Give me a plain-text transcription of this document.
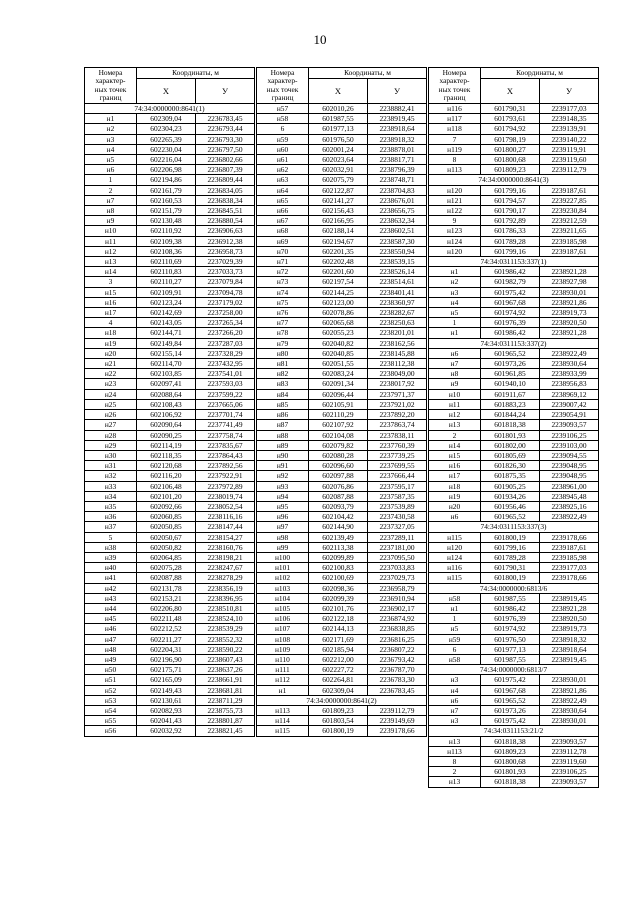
10
Номера
характер-
ных точек
границ	Координаты, м	
	X	У
74:34:0000000:8641(1)		
н1	602309,04	2236783,45
н2	602304,23	2236793,44
н3	602265,39	2236793,30
н4	602230,04	2236797,50
н5	602216,04	2236802,66
н6	602206,98	2236807,39
1	602194,86	2236809,44
2	602161,79	2236834,05
н7	602160,53	2236838,34
н8	602151,79	2236845,51
н9	602130,48	2236880,54
н10	602110,92	2236906,63
н11	602109,38	2236912,38
н12	602108,36	2236958,73
н13	602110,69	2237029,39
н14	602110,83	2237033,73
3	602110,27	2237079,84
н15	602109,91	2237094,78
н16	602123,24	2237179,02
н17	602142,69	2237258,00
4	602143,05	2237265,34
н18	602144,71	2237266,20
н19	602149,84	2237287,03
н20	602155,14	2237328,29
н21	602114,70	2237432,95
н22	602103,85	2237541,01
н23	602097,41	2237593,03
н24	602088,64	2237599,22
н25	602108,43	2237665,06
н26	602106,92	2237701,74
н27	602090,64	2237741,49
н28	602090,25	2237758,74
н29	602114,19	2237835,67
н30	602118,35	2237864,43
н31	602120,68	2237892,56
н32	602116,20	2237922,91
н33	602106,48	2237972,89
н34	602101,20	2238019,74
н35	602092,66	2238052,54
н36	602060,85	2238116,16
н37	602050,85	2238147,44
5	602050,67	2238154,27
н38	602050,82	2238160,76
н39	602064,85	2238198,21
н40	602075,28	2238247,67
н41	602087,88	2238278,29
н42	602131,78	2238356,19
н43	602153,21	2238396,95
н44	602206,80	2238510,81
н45	602211,48	2238524,10
н46	602212,52	2238539,29
н47	602211,27	2238552,32
н48	602204,31	2238590,22
н49	602196,90	2238607,43
н50	602175,71	2238637,26
н51	602165,09	2238661,91
н52	602149,43	2238681,81
н53	602130,61	2238711,29
н54	602082,93	2238755,73
н55	602041,43	2238801,87
н56	602032,92	2238821,45
Номера
характер-
ных точек
границ	Координаты, м	
	X	У
н57	602010,26	2238882,41
н58	601987,55	2238919,45
6	601977,13	2238918,64
н59	601976,50	2238918,32
н60	602001,24	2238878,01
н61	602023,64	2238817,71
н62	602032,91	2238796,39
н63	602075,79	2238748,71
н64	602122,87	2238704,83
н65	602141,27	2238676,01
н66	602156,43	2238656,75
н67	602166,95	2238632,34
н68	602188,14	2238602,51
н69	602194,67	2238587,30
н70	602201,35	2238550,94
н71	602202,48	2238539,15
н72	602201,60	2238526,14
н73	602197,54	2238514,61
н74	602144,25	2238401,41
н75	602123,00	2238360,97
н76	602078,86	2238282,67
н77	602065,68	2238250,63
н78	602055,23	2238201,01
н79	602040,82	2238162,56
н80	602040,85	2238145,88
н81	602051,55	2238112,38
н82	602083,24	2238049,00
н83	602091,34	2238017,92
н84	602096,44	2237971,37
н85	602105,91	2237921,02
н86	602110,29	2237892,20
н87	602107,92	2237863,74
н88	602104,08	2237838,11
н89	602079,82	2237760,39
н90	602080,28	2237739,25
н91	602096,60	2237699,55
н92	602097,88	2237666,44
н93	602076,86	2237595,17
н94	602087,88	2237587,35
н95	602093,79	2237539,89
н96	602104,42	2237430,58
н97	602144,90	2237327,05
н98	602139,49	2237289,11
н99	602113,38	2237181,00
н100	602099,89	2237095,50
н101	602100,83	2237033,83
н102	602100,69	2237029,73
н103	602098,36	2236958,79
н104	602099,39	2236910,94
н105	602101,76	2236902,17
н106	602122,18	2236874,92
н107	602144,13	2236838,85
н108	602171,69	2236816,25
н109	602185,94	2236807,22
н110	602212,00	2236793,42
н111	602227,72	2236787,70
н112	602264,81	2236783,30
н1	602309,04	2236783,45
74:34:0000000:8641(2)		
н113	601809,23	2239112,79
н114	601803,54	2239149,69
н115	601800,19	2239178,66
Номера
характер-
ных точек
границ	Координаты, м	
	X	У
н116	601790,31	2239177,03
н117	601793,61	2239148,35
н118	601794,92	2239139,91
7	601798,19	2239140,22
н119	601800,27	2239119,91
8	601800,68	2239119,60
н113	601809,23	2239112,79
74:34:0000000:8641(3)		
н120	601799,16	2239187,61
н121	601794,57	2239227,85
н122	601790,17	2239230,84
9	601792,89	2239212,59
н123	601786,33	2239211,65
н124	601789,28	2239185,98
н120	601799,16	2239187,61
74:34:0311153:337(1)		
н1	601986,42	2238921,28
н2	601982,79	2238927,98
н3	601975,42	2238930,01
н4	601967,68	2238921,86
н5	601974,92	2238919,73
1	601976,39	2238920,50
н1	601986,42	2238921,28
74:34:0311153:337(2)		
н6	601965,52	2238922,49
н7	601973,26	2238930,64
н8	601961,85	2238933,99
н9	601940,10	2238956,83
н10	601911,67	2238969,12
н11	601883,23	2239007,42
н12	601844,24	2239054,91
н13	601818,38	2239093,57
2	601801,93	2239106,25
н14	601802,00	2239103,00
н15	601805,69	2239094,55
н16	601826,30	2239048,95
н17	601875,35	2239048,95
н18	601905,25	2238961,00
н19	601934,26	2238945,48
н20	601956,46	2238925,16
н6	601965,52	2238922,49
74:34:0311153:337(3)		
н115	601800,19	2239178,66
н120	601799,16	2239187,61
н124	601789,28	2239185,98
н116	601790,31	2239177,03
н115	601800,19	2239178,66
74:34:0000000:6813/6		
н58	601987,55	2238919,45
н1	601986,42	2238921,28
1	601976,39	2238920,50
н5	601974,92	2238919,73
н59	601976,50	2238918,32
6	601977,13	2238918,64
н58	601987,55	2238919,45
74:34:0000000:6813/7		
н3	601975,42	2238930,01
н4	601967,68	2238921,86
н6	601965,52	2238922,49
н7	601973,26	2238930,64
н3	601975,42	2238930,01
74:34:0311153:21/2		
н13	601818,38	2239093,57
н113	601809,23	2239112,78
8	601800,68	2239119,60
2	601801,93	2239106,25
н13	601818,38	2239093,57
